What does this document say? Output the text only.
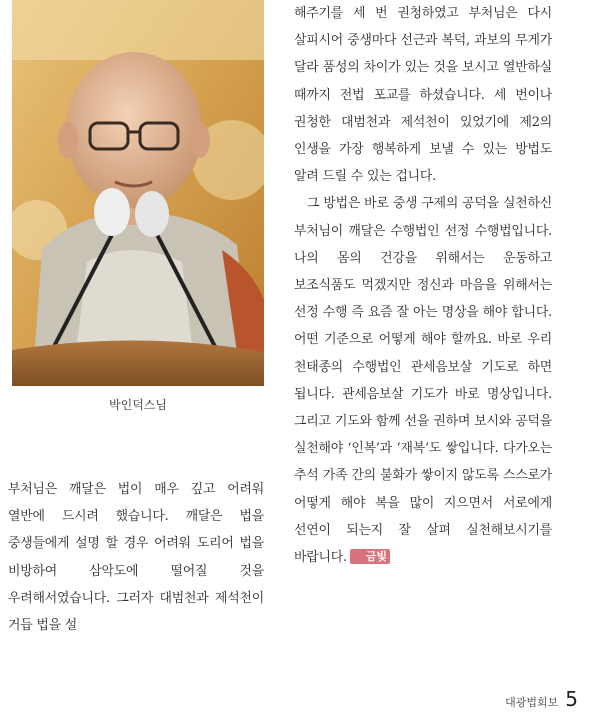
박인덕스님

해주기를 세 번 권청하였고 부처님은 다시 살피시어 중생마다 선근과 복덕, 과보의 무게가 달라 품성의 차이가 있는 것을 보시고 열반하실 때까지 전법 포교를 하셨습니다. 세 번이나 권청한 대범천과 제석천이 있었기에 제2의 인생을 가장 행복하게 보낼 수 있는 방법도 알려 드릴 수 있는 겁니다.

그 방법은 바로 중생 구제의 공덕을 실천하신 부처님이 깨달은 수행법인 선정 수행법입니다. 나의 몸의 건강을 위해서는 운동하고 보조식품도 먹겠지만 정신과 마음을 위해서는 선정 수행 즉 요즘 잘 아는 명상을 해야 합니다. 어떤 기준으로 어떻게 해야 할까요. 바로 우리 천태종의 수행법인 관세음보살 기도로 하면 됩니다. 관세음보살 기도가 바로 명상입니다. 그리고 기도와 함께 선을 권하며 보시와 공덕을 실천해야 ‘인복’과 ‘재복’도 쌓입니다. 다가오는 추석 가족 간의 불화가 쌓이지 않도록 스스로가 어떻게 해야 복을 많이 지으면서 서로에게 선연이 되는지 잘 살펴 실천해보시기를 바랍니다. 금빛

부처님은 깨달은 법이 매우 깊고 어려워 열반에 드시려 했습니다. 깨달은 법을 중생들에게 설명 할 경우 어려워 도리어 법을 비방하여 삼악도에 떨어질 것을 우려해서였습니다. 그러자 대범천과 제석천이 거듭 법을 설

대광법회보 5
